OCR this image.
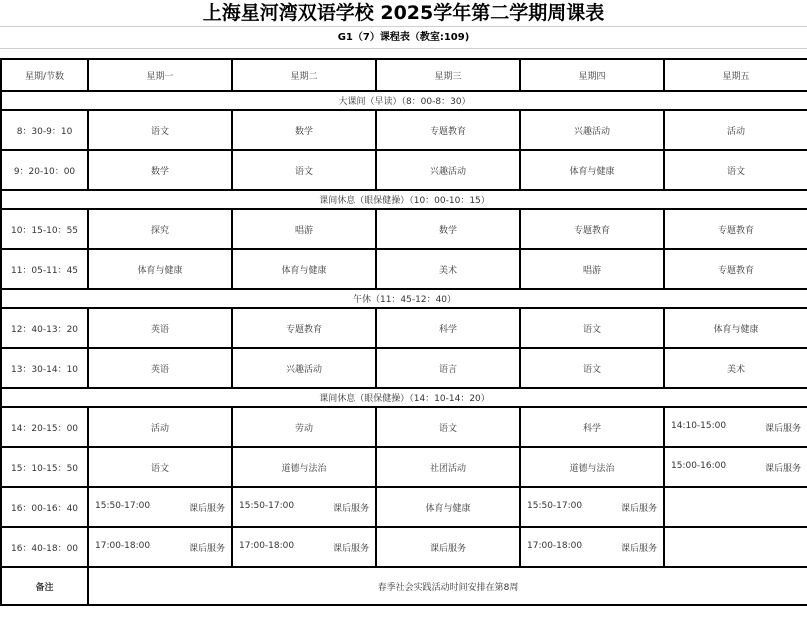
上海星河湾双语学校 2025学年第二学期周课表
G1（7）课程表（教室:109)
星期/节数	星期一	星期二	星期三	星期四	星期五
大课间（早读）（8：00-8：30）					
8：30-9：10	语文	数学	专题教育	兴趣活动	活动
9：20-10：00	数学	语文	兴趣活动	体育与健康	语文
课间休息（眼保健操）（10：00-10：15）					
10：15-10：55	探究	唱游	数学	专题教育	专题教育
11：05-11：45	体育与健康	体育与健康	美术	唱游	专题教育
午休（11：45-12：40）					
12：40-13：20	英语	专题教育	科学	语文	体育与健康
13：30-14：10	英语	兴趣活动	语言	语文	美术
课间休息（眼保健操）（14：10-14：20）					
14：20-15：00	活动	劳动	语文	科学	14:10-15:00 课后服务

15：10-15：50	语文	道德与法治	社团活动	道德与法治	15:00-16:00 课后服务

16：00-16：40	15:50-17:00 课后服务	15:50-17:00 课后服务	体育与健康	15:50-17:00 课后服务	

16：40-18：00	17:00-18:00 课后服务	17:00-18:00 课后服务	课后服务	17:00-18:00 课后服务	

备注	春季社会实践活动时间安排在第8周				
